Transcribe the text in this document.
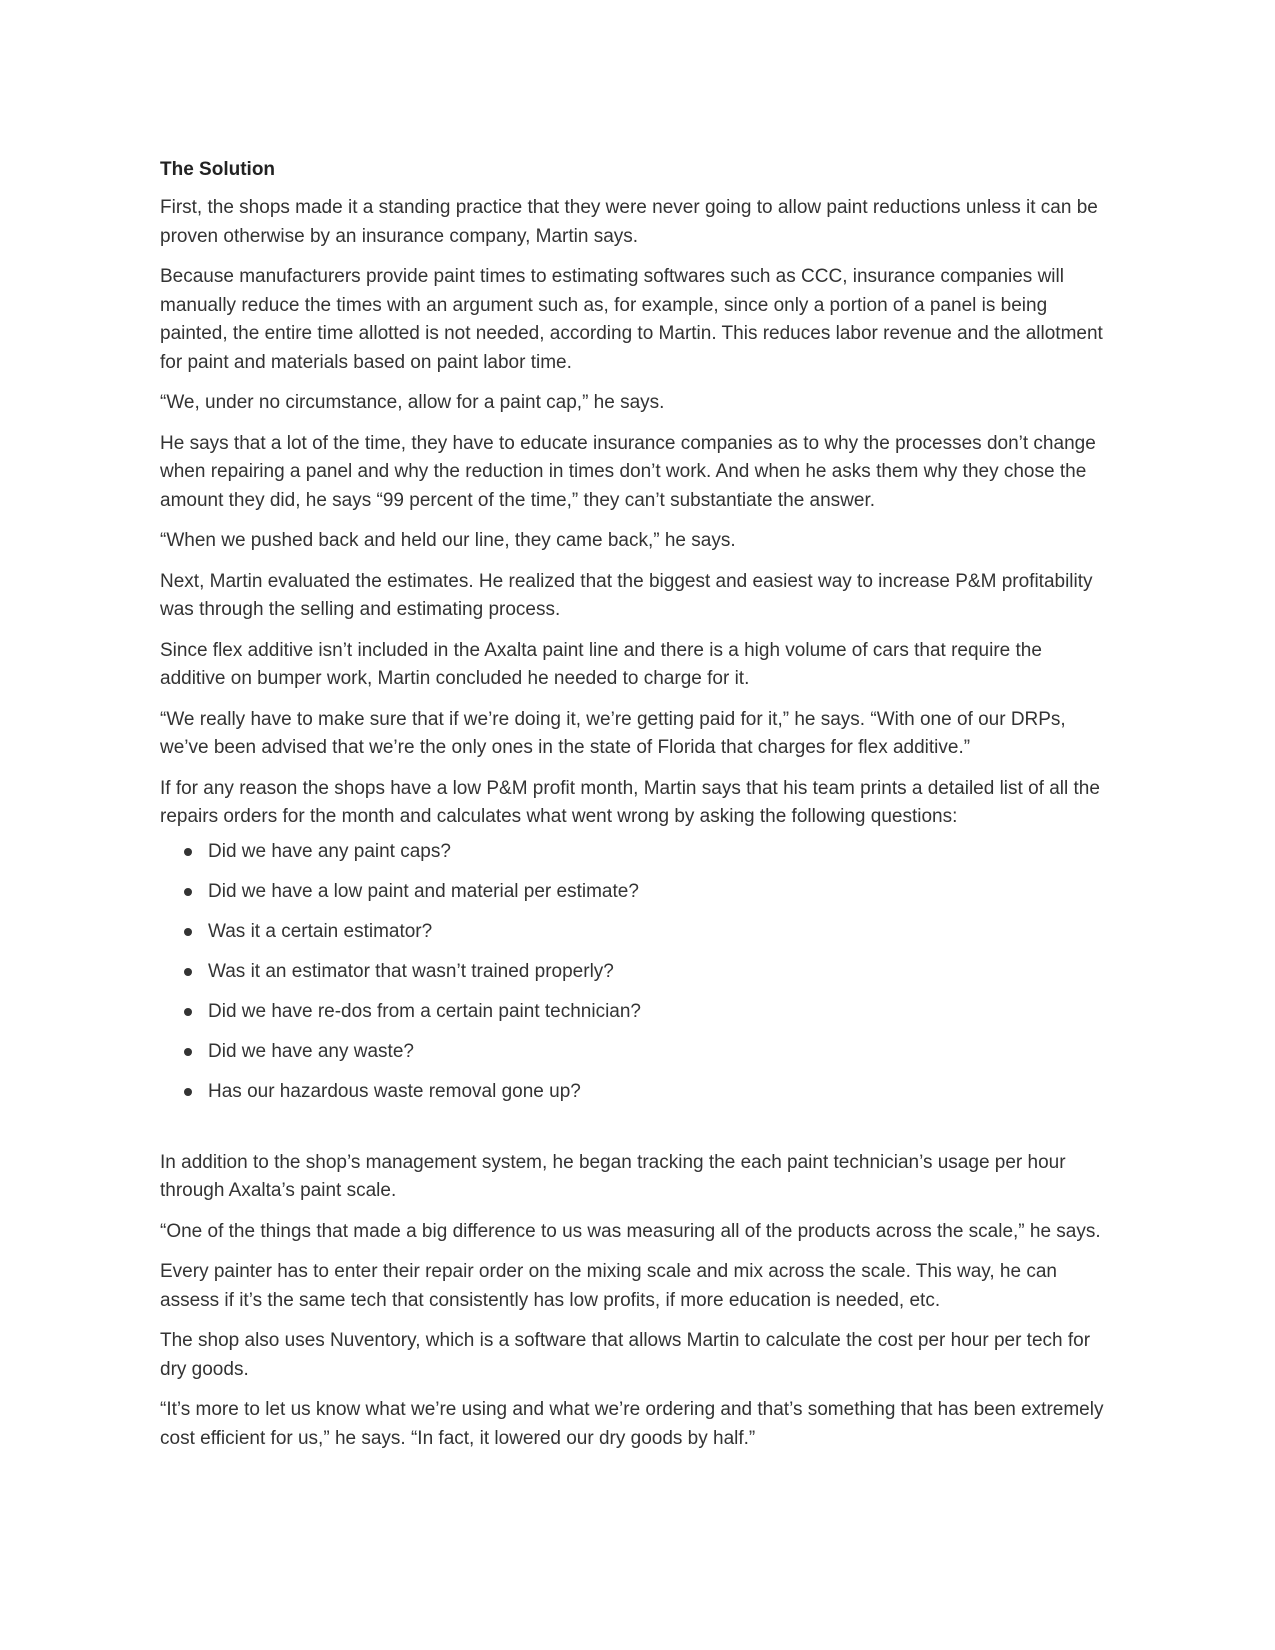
The Solution

First, the shops made it a standing practice that they were never going to allow paint reductions unless it can be proven otherwise by an insurance company, Martin says.

Because manufacturers provide paint times to estimating softwares such as CCC, insurance companies will manually reduce the times with an argument such as, for example, since only a portion of a panel is being painted, the entire time allotted is not needed, according to Martin. This reduces labor revenue and the allotment for paint and materials based on paint labor time.

“We, under no circumstance, allow for a paint cap,” he says.

He says that a lot of the time, they have to educate insurance companies as to why the processes don’t change when repairing a panel and why the reduction in times don’t work. And when he asks them why they chose the amount they did, he says “99 percent of the time,” they can’t substantiate the answer.

“When we pushed back and held our line, they came back,” he says.

Next, Martin evaluated the estimates. He realized that the biggest and easiest way to increase P&M profitability was through the selling and estimating process.

Since flex additive isn’t included in the Axalta paint line and there is a high volume of cars that require the additive on bumper work, Martin concluded he needed to charge for it.

“We really have to make sure that if we’re doing it, we’re getting paid for it,” he says. “With one of our DRPs, we’ve been advised that we’re the only ones in the state of Florida that charges for flex additive.”

If for any reason the shops have a low P&M profit month, Martin says that his team prints a detailed list of all the repairs orders for the month and calculates what went wrong by asking the following questions:

Did we have any paint caps?
Did we have a low paint and material per estimate?
Was it a certain estimator?
Was it an estimator that wasn’t trained properly?
Did we have re-dos from a certain paint technician?
Did we have any waste?
Has our hazardous waste removal gone up?

In addition to the shop’s management system, he began tracking the each paint technician’s usage per hour through Axalta’s paint scale.

“One of the things that made a big difference to us was measuring all of the products across the scale,” he says.

Every painter has to enter their repair order on the mixing scale and mix across the scale. This way, he can assess if it’s the same tech that consistently has low profits, if more education is needed, etc.

The shop also uses Nuventory, which is a software that allows Martin to calculate the cost per hour per tech for dry goods.

“It’s more to let us know what we’re using and what we’re ordering and that’s something that has been extremely cost efficient for us,” he says. “In fact, it lowered our dry goods by half.”
